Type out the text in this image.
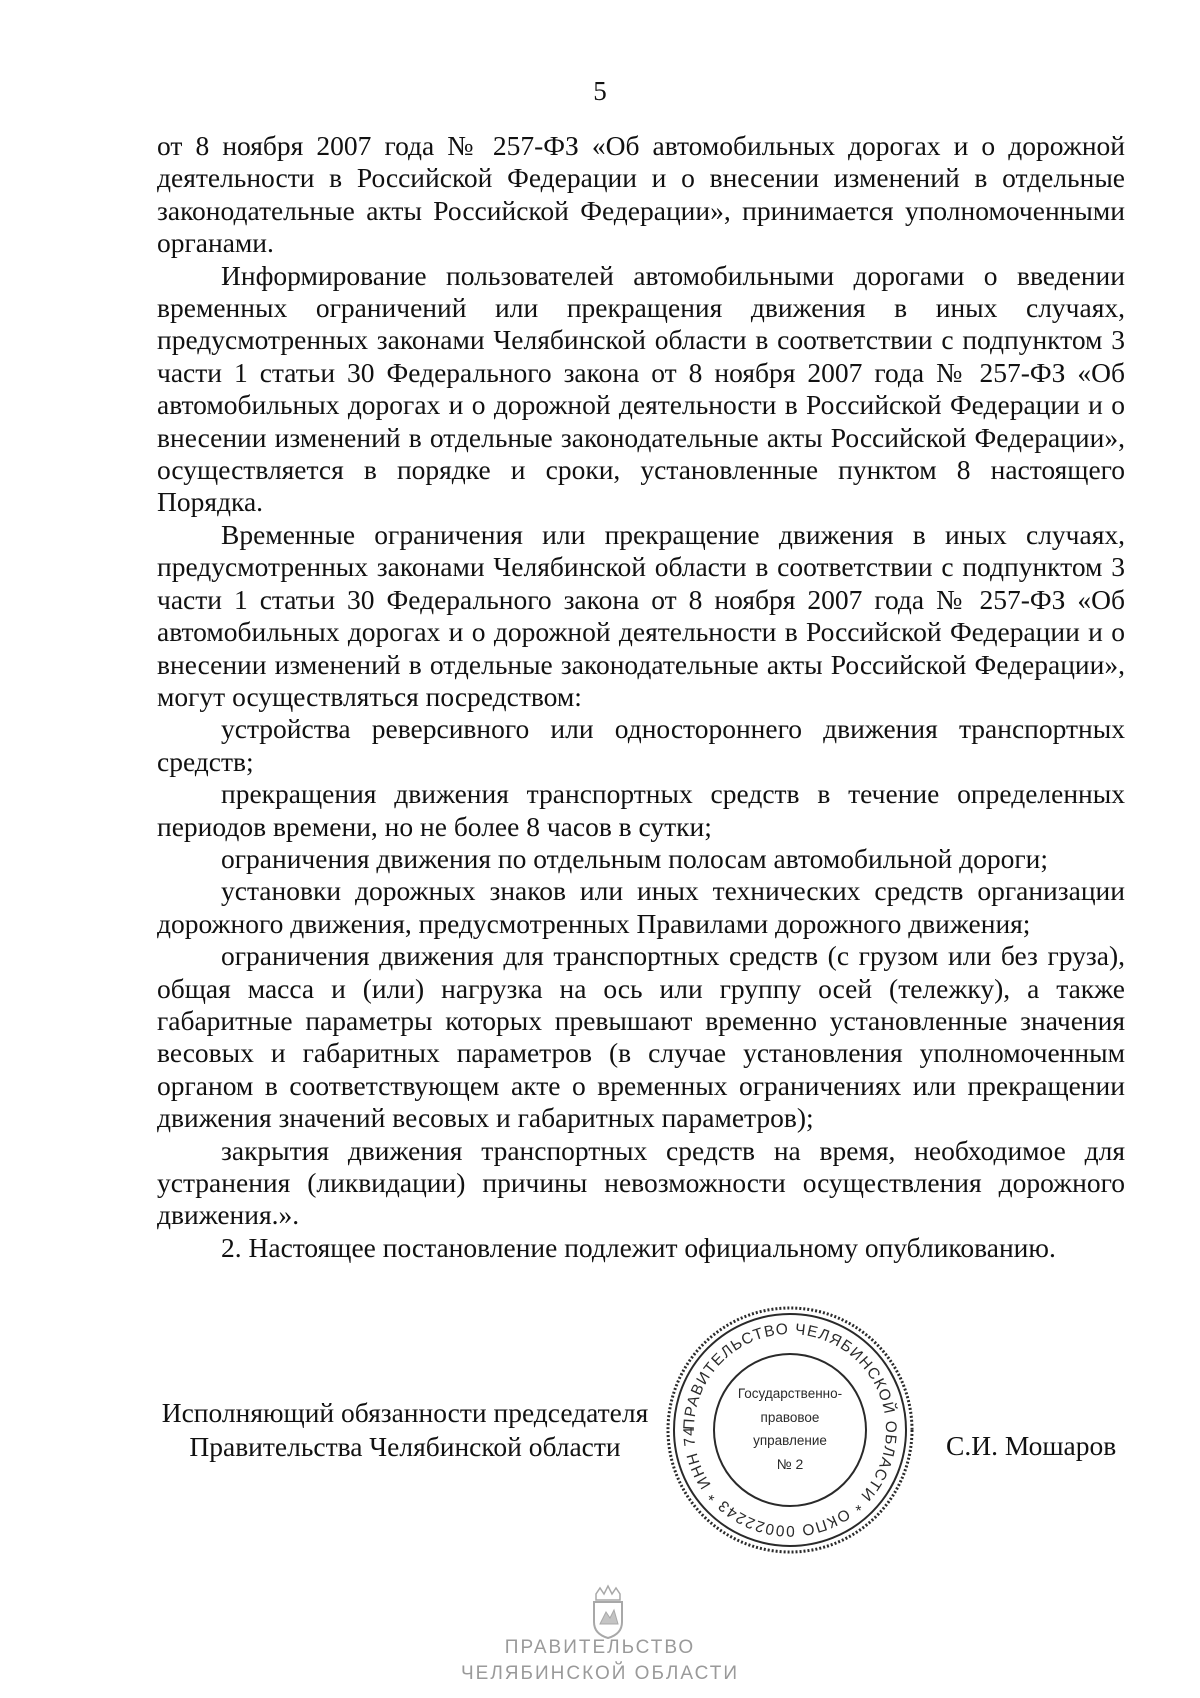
5

от 8 ноября 2007 года № 257-ФЗ «Об автомобильных дорогах и о дорожной деятельности в Российской Федерации и о внесении изменений в отдельные законодательные акты Российской Федерации», принимается уполномоченными органами.

Информирование пользователей автомобильными дорогами о введении временных ограничений или прекращения движения в иных случаях, предусмотренных законами Челябинской области в соответствии с подпунктом 3 части 1 статьи 30 Федерального закона от 8 ноября 2007 года № 257-ФЗ «Об автомобильных дорогах и о дорожной деятельности в Российской Федерации и о внесении изменений в отдельные законодательные акты Российской Федерации», осуществляется в порядке и сроки, установленные пунктом 8 настоящего Порядка.

Временные ограничения или прекращение движения в иных случаях, предусмотренных законами Челябинской области в соответствии с подпунктом 3 части 1 статьи 30 Федерального закона от 8 ноября 2007 года № 257-ФЗ «Об автомобильных дорогах и о дорожной деятельности в Российской Федерации и о внесении изменений в отдельные законодательные акты Российской Федерации», могут осуществляться посредством:

устройства реверсивного или одностороннего движения транспортных средств;

прекращения движения транспортных средств в течение определенных периодов времени, но не более 8 часов в сутки;

ограничения движения по отдельным полосам автомобильной дороги;

установки дорожных знаков или иных технических средств организации дорожного движения, предусмотренных Правилами дорожного движения;

ограничения движения для транспортных средств (с грузом или без груза), общая масса и (или) нагрузка на ось или группу осей (тележку), а также габаритные параметры которых превышают временно установленные значения весовых и габаритных параметров (в случае установления уполномоченным органом в соответствующем акте о временных ограничениях или прекращении движения значений весовых и габаритных параметров);

закрытия движения транспортных средств на время, необходимое для устранения (ликвидации) причины невозможности осуществления дорожного движения.».

2. Настоящее постановление подлежит официальному опубликованию.

Исполняющий обязанности председателя
Правительства Челябинской области
ПРАВИТЕЛЬСТВО ЧЕЛЯБИНСКОЙ ОБЛАСТИ * ОКПО 00022243 * ИНН 74
Государственно-
правовое
управление
№ 2
С.И. Мошаров
ПРАВИТЕЛЬСТВО
ЧЕЛЯБИНСКОЙ ОБЛАСТИ
